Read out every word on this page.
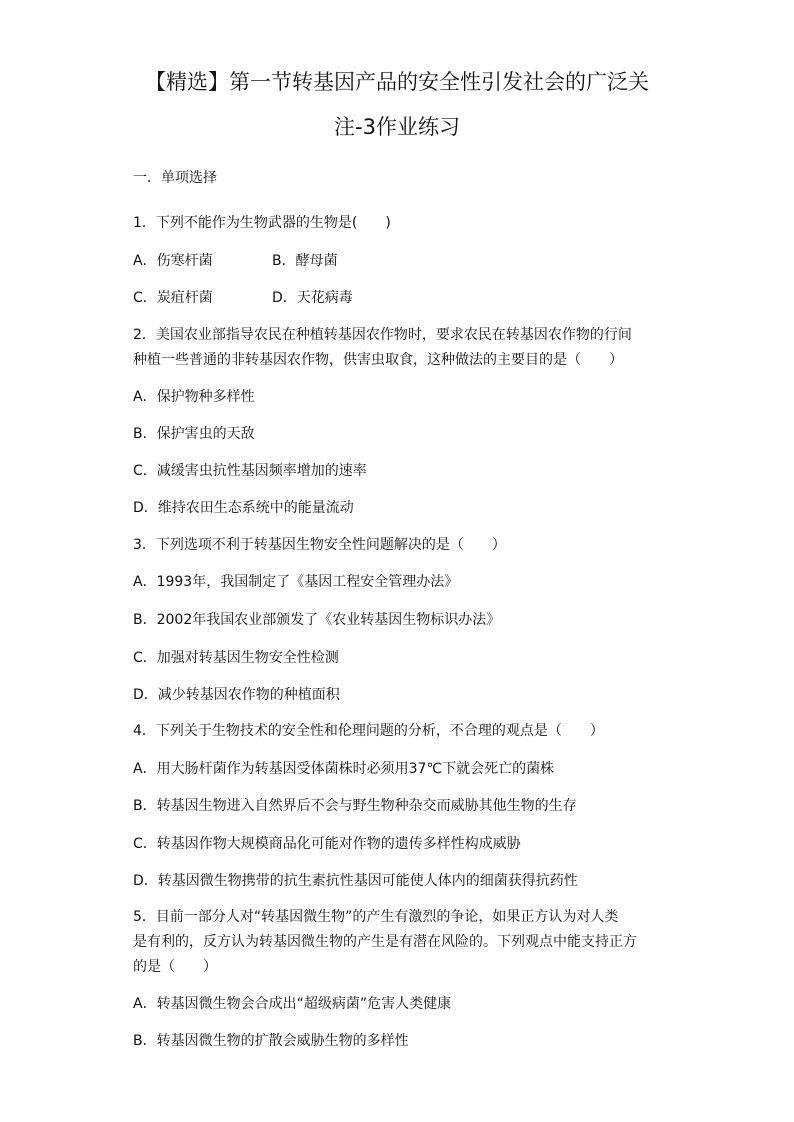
【精选】第一节转基因产品的安全性引发社会的广泛关
注-3作业练习
一．单项选择
1．下列不能作为生物武器的生物是(　　)
A．伤寒杆菌	B．酵母菌
C．炭疽杆菌	D．天花病毒
2．美国农业部指导农民在种植转基因农作物时，要求农民在转基因农作物的行间
种植一些普通的非转基因农作物，供害虫取食，这种做法的主要目的是（　　）
A．保护物种多样性
B．保护害虫的天敌
C．减缓害虫抗性基因频率增加的速率
D．维持农田生态系统中的能量流动
3．下列选项不利于转基因生物安全性问题解决的是（　　）
A．1993年，我国制定了《基因工程安全管理办法》
B．2002年我国农业部颁发了《农业转基因生物标识办法》
C．加强对转基因生物安全性检测
D．减少转基因农作物的种植面积
4．下列关于生物技术的安全性和伦理问题的分析，不合理的观点是（　　）
A．用大肠杆菌作为转基因受体菌株时必须用37℃下就会死亡的菌株
B．转基因生物进入自然界后不会与野生物种杂交而威胁其他生物的生存
C．转基因作物大规模商品化可能对作物的遗传多样性构成威胁
D．转基因微生物携带的抗生素抗性基因可能使人体内的细菌获得抗药性
5．目前一部分人对“转基因微生物”的产生有激烈的争论，如果正方认为对人类
是有利的，反方认为转基因微生物的产生是有潜在风险的。下列观点中能支持正方
的是（　　）
A．转基因微生物会合成出“超级病菌”危害人类健康
B．转基因微生物的扩散会威胁生物的多样性
